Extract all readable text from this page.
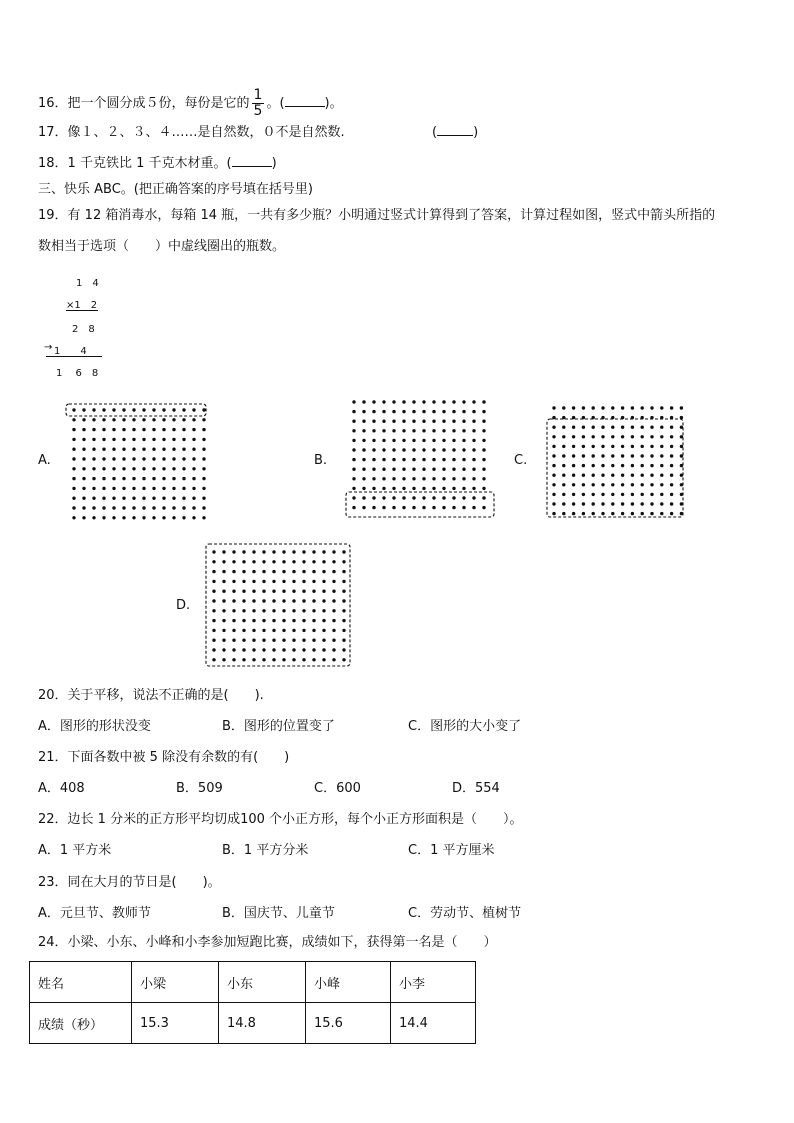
16．把一个圆分成５份，每份是它的 $\frac{1}{5}$ 。(	)。
17．像１、２、３、４……是自然数，０不是自然数.	(	)
18．1 千克铁比 1 千克木材重。(	)
三、快乐 ABC。(把正确答案的序号填在括号里)
19．有 12 箱消毒水，每箱 14 瓶，一共有多少瓶？小明通过竖式计算得到了答案，计算过程如图，竖式中箭头所指的
数相当于选项（　　）中虚线圈出的瓶数。
1　4
×1　2
2　8
→ 1　　4
1　 6　8
A.	B.	C.
D.
20．关于平移，说法不正确的是(　　).
A．图形的形状没变	B．图形的位置变了	C．图形的大小变了
21．下面各数中被 5 除没有余数的有(　　)
A．408	B．509	C．600	D．554
22．边长 1 分米的正方形平均切成100 个小正方形，每个小正方形面积是（　　）。
A．1 平方米	B．1 平方分米	C．1 平方厘米
23．同在大月的节日是(　　)。
A．元旦节、教师节	B．国庆节、儿童节	C．劳动节、植树节
24．小梁、小东、小峰和小李参加短跑比赛，成绩如下，获得第一名是（　　）
姓名	小梁	小东	小峰	小李
成绩（秒）	15.3	14.8	15.6	14.4
